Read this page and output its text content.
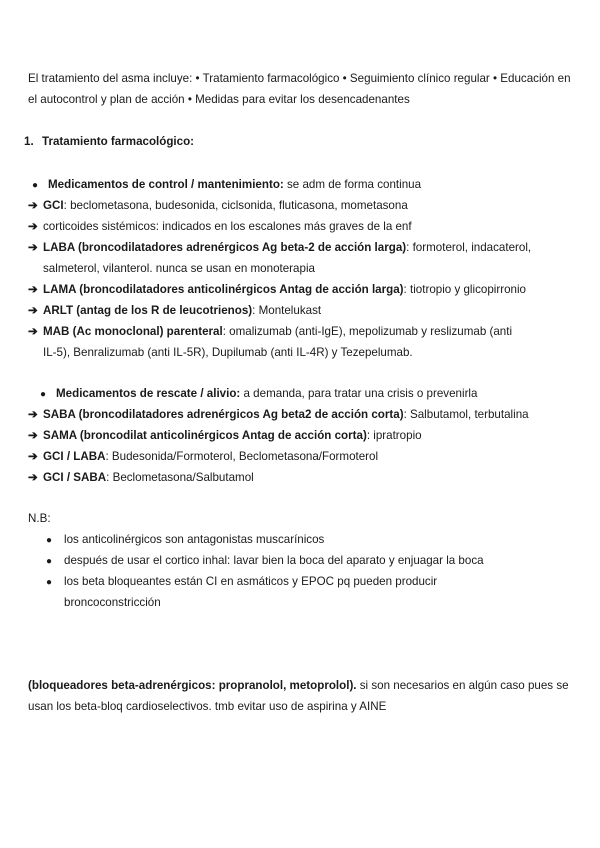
El tratamiento del asma incluye: • Tratamiento farmacológico • Seguimiento clínico regular • Educación en el autocontrol y plan de acción • Medidas para evitar los desencadenantes
1. Tratamiento farmacológico:
● Medicamentos de control / mantenimiento: se adm de forma continua
➔ GCI: beclometasona, budesonida, ciclsonida, fluticasona, mometasona
➔ corticoides sistémicos: indicados en los escalones más graves de la enf
➔ LABA (broncodilatadores adrenérgicos Ag beta-2 de acción larga): formoterol, indacaterol,
salmeterol, vilanterol. nunca se usan en monoterapia
➔ LAMA (broncodilatadores anticolinérgicos Antag de acción larga): tiotropio y glicopirronio
➔ ARLT (antag de los R de leucotrienos): Montelukast
➔ MAB (Ac monoclonal) parenteral: omalizumab (anti-IgE), mepolizumab y reslizumab (anti
IL-5), Benralizumab (anti IL-5R), Dupilumab (anti IL-4R) y Tezepelumab.
● Medicamentos de rescate / alivio: a demanda, para tratar una crisis o prevenirla
➔ SABA (broncodilatadores adrenérgicos Ag beta2 de acción corta): Salbutamol, terbutalina
➔ SAMA (broncodilat anticolinérgicos Antag de acción corta): ipratropio
➔ GCI / LABA: Budesonida/Formoterol, Beclometasona/Formoterol
➔ GCI / SABA: Beclometasona/Salbutamol
N.B:
● los anticolinérgicos son antagonistas muscarínicos
● después de usar el cortico inhal: lavar bien la boca del aparato y enjuagar la boca
● los beta bloqueantes están CI en asmáticos y EPOC pq pueden producir
broncoconstricción
(bloqueadores beta-adrenérgicos: propranolol, metoprolol). si son necesarios en algún caso pues se usan los beta-bloq cardioselectivos. tmb evitar uso de aspirina y AINE
